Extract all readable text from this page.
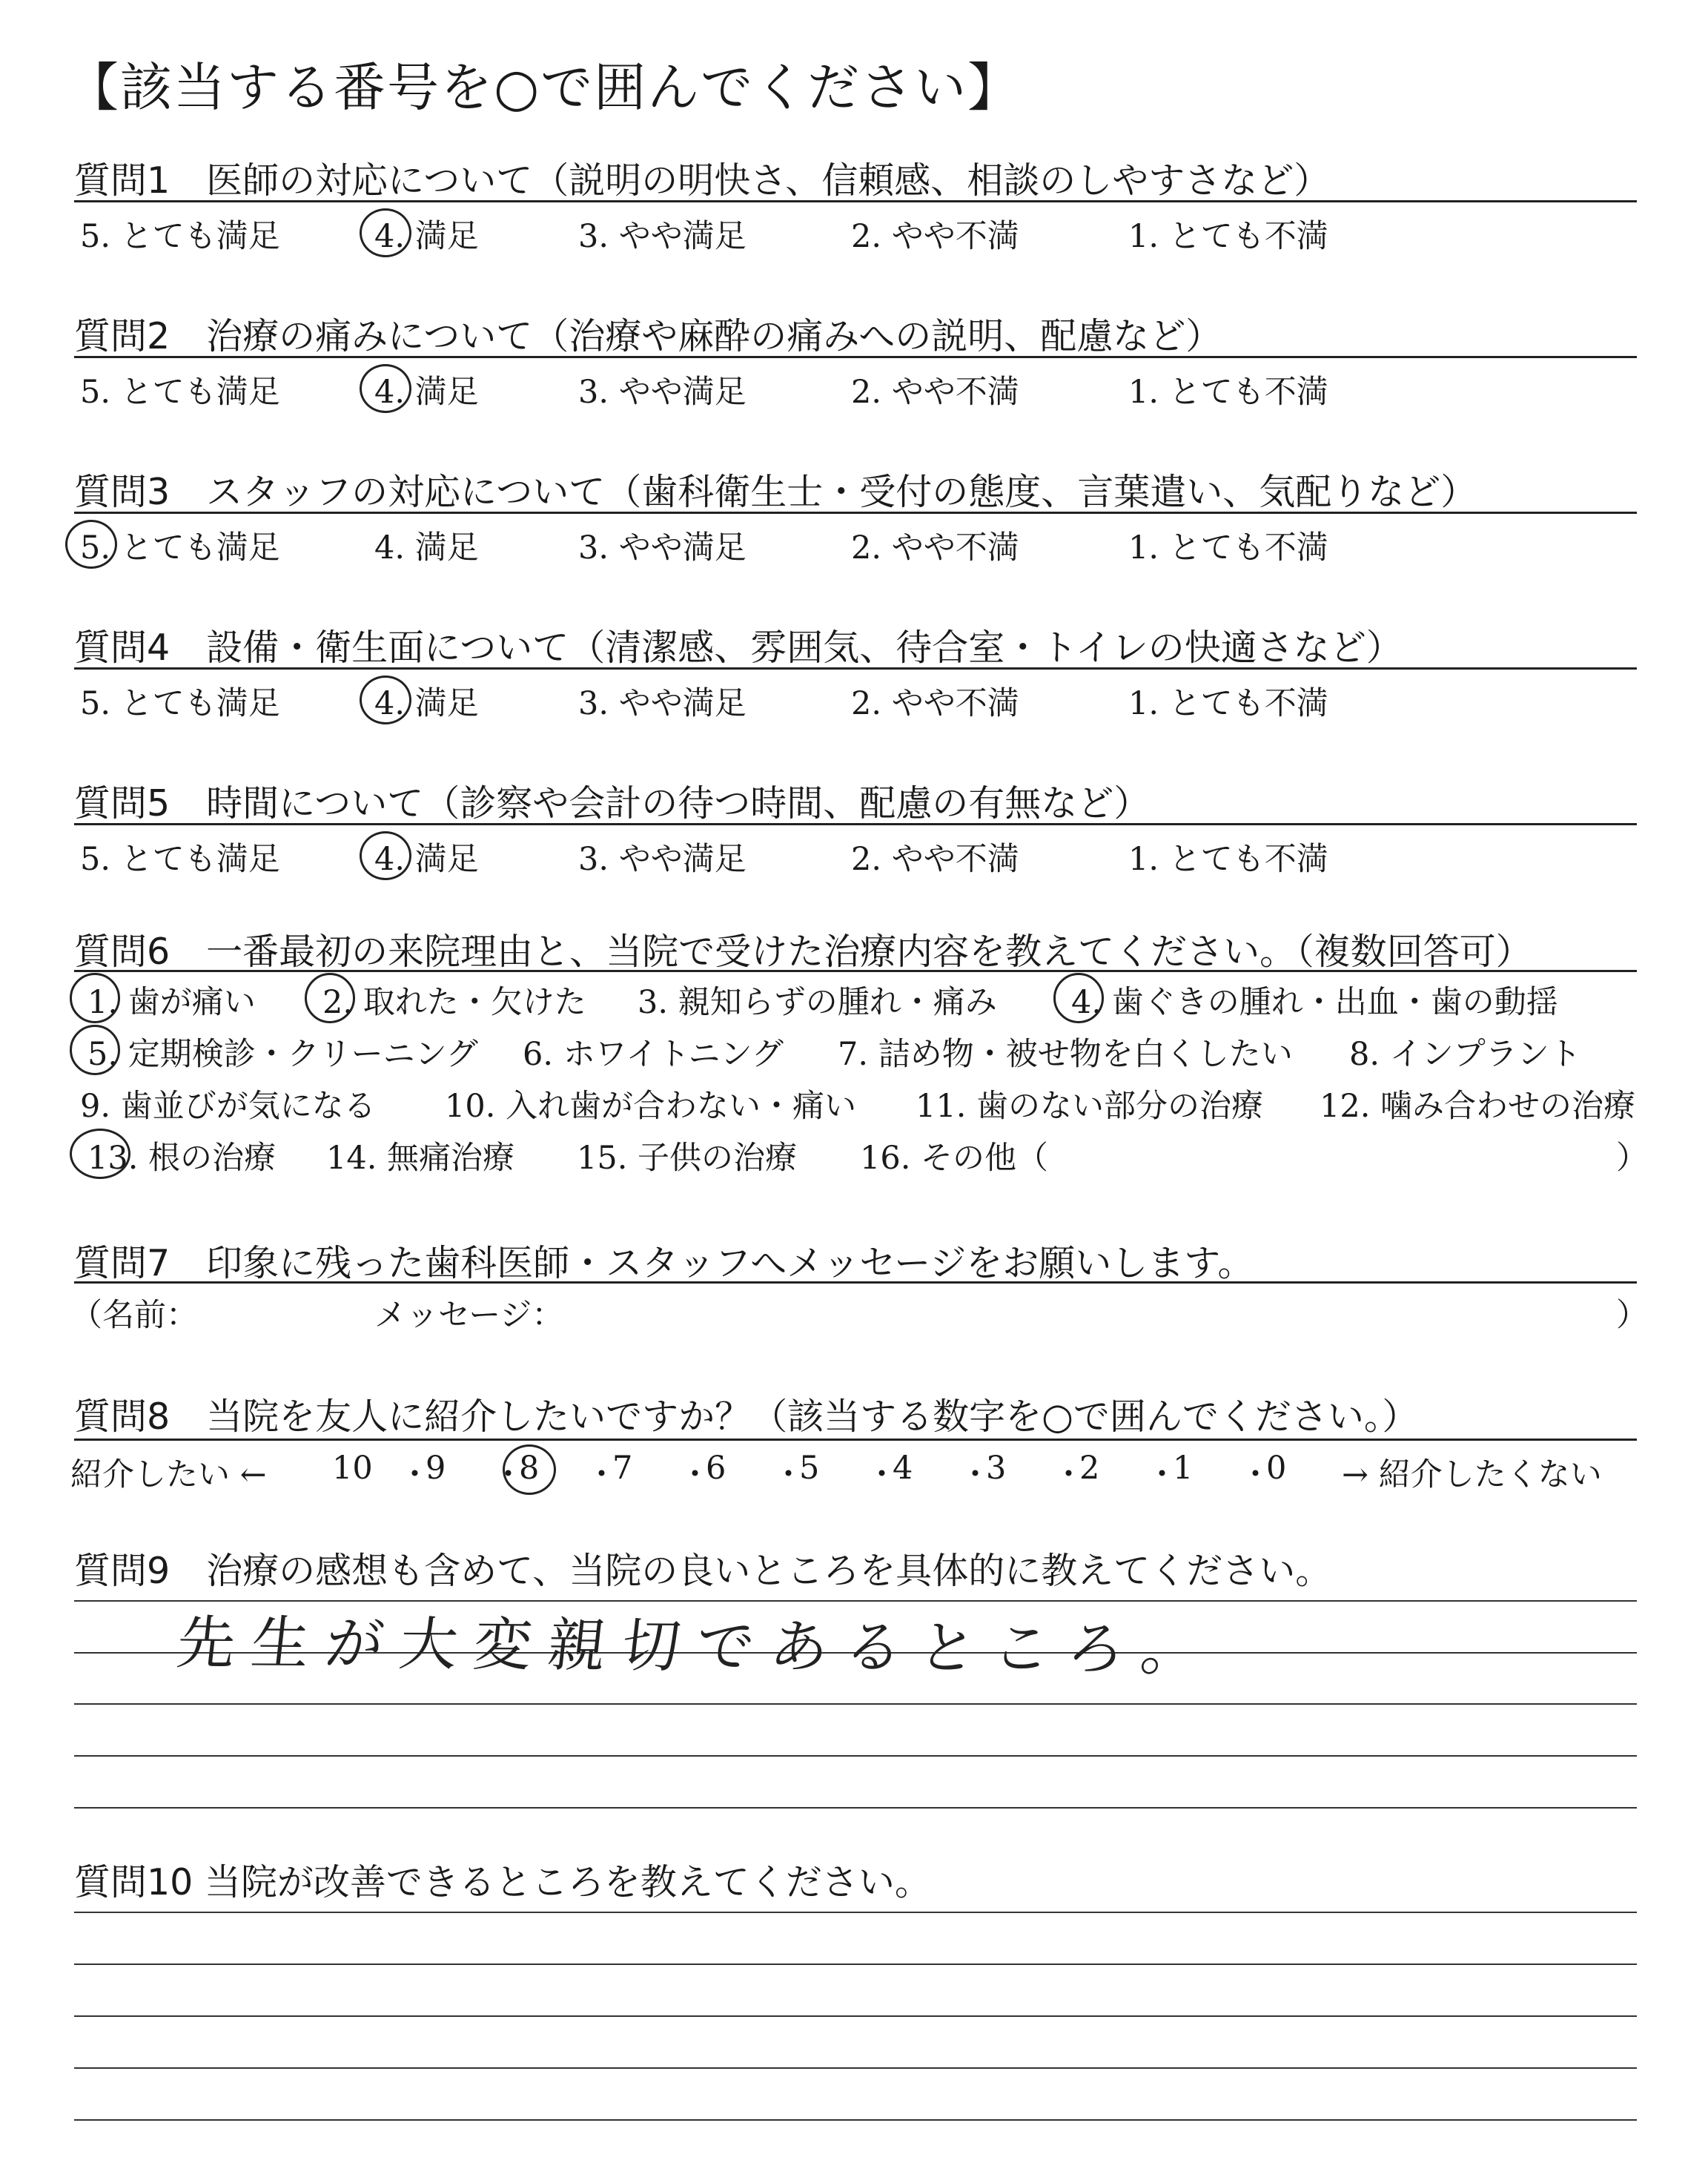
【該当する番号を○で囲んでください】
質問1　医師の対応について（説明の明快さ、信頼感、相談のしやすさなど）
5. とても満足	4. 満足	3. やや満足	2. やや不満	1. とても不満
質問2　治療の痛みについて（治療や麻酔の痛みへの説明、配慮など）
5. とても満足	4. 満足	3. やや満足	2. やや不満	1. とても不満
質問3　スタッフの対応について（歯科衛生士・受付の態度、言葉遣い、気配りなど）
5. とても満足	4. 満足	3. やや満足	2. やや不満	1. とても不満
質問4　設備・衛生面について（清潔感、雰囲気、待合室・トイレの快適さなど）
5. とても満足	4. 満足	3. やや満足	2. やや不満	1. とても不満
質問5　時間について（診察や会計の待つ時間、配慮の有無など）
5. とても満足	4. 満足	3. やや満足	2. やや不満	1. とても不満
質問6　一番最初の来院理由と、当院で受けた治療内容を教えてください。（複数回答可）
1. 歯が痛い 2. 取れた・欠けた 3. 親知らずの腫れ・痛み 4. 歯ぐきの腫れ・出血・歯の動揺
5. 定期検診・クリーニング 6. ホワイトニング 7. 詰め物・被せ物を白くしたい 8. インプラント
9. 歯並びが気になる 10. 入れ歯が合わない・痛い 11. 歯のない部分の治療 12. 噛み合わせの治療
13. 根の治療 14. 無痛治療 15. 子供の治療 16. その他（	）
質問7　印象に残った歯科医師・スタッフへメッセージをお願いします。
（名前：	メッセージ：	）
質問8　当院を友人に紹介したいですか？（該当する数字を○で囲んでください。）
紹介したい ← 10 ・
9 ・
8 ・
7 ・
6 ・
5 ・
4 ・
3 ・
2 ・
1 ・
0 → 紹介したくない
質問9　治療の感想も含めて、当院の良いところを具体的に教えてください。
先生が大変親切であるところ。
質問10 当院が改善できるところを教えてください。
